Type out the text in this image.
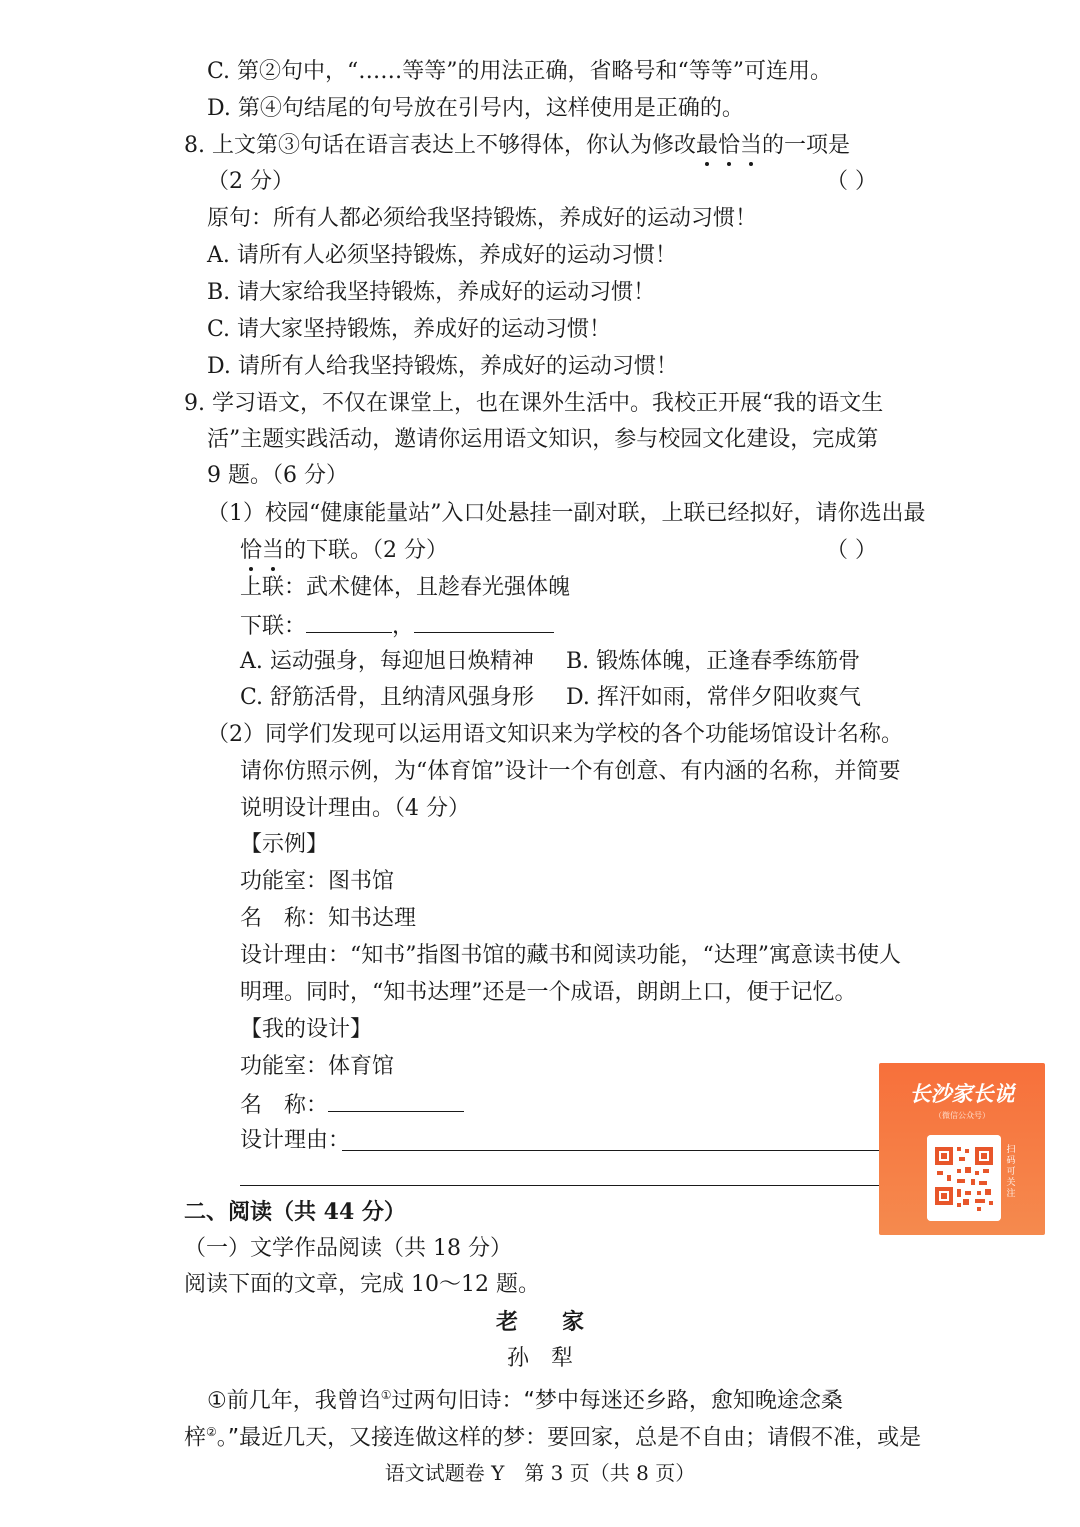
C. 第②句中，“……等等”的用法正确，省略号和“等等”可连用。
D. 第④句结尾的句号放在引号内，这样使用是正确的。
8. 上文第③句话在语言表达上不够得体，你认为修改最恰当的一项是
（2 分）	（ ）
原句：所有人都必须给我坚持锻炼，养成好的运动习惯！
A. 请所有人必须坚持锻炼，养成好的运动习惯！
B. 请大家给我坚持锻炼，养成好的运动习惯！
C. 请大家坚持锻炼，养成好的运动习惯！
D. 请所有人给我坚持锻炼，养成好的运动习惯！
9. 学习语文，不仅在课堂上，也在课外生活中。我校正开展“我的语文生
活”主题实践活动，邀请你运用语文知识，参与校园文化建设，完成第
9 题。（6 分）
（1）校园“健康能量站”入口处悬挂一副对联，上联已经拟好，请你选出最
恰当的下联。（2 分）	（ ）
上联：武术健体，且趁春光强体魄
下联：	，
A. 运动强身，每迎旭日焕精神 B. 锻炼体魄，正逢春季练筋骨
C. 舒筋活骨，且纳清风强身形 D. 挥汗如雨，常伴夕阳收爽气
（2）同学们发现可以运用语文知识来为学校的各个功能场馆设计名称。
请你仿照示例，为“体育馆”设计一个有创意、有内涵的名称，并简要
说明设计理由。（4 分）
【示例】
功能室：图书馆
名　称：知书达理
设计理由：“知书”指图书馆的藏书和阅读功能，“达理”寓意读书使人
明理。同时，“知书达理”还是一个成语，朗朗上口，便于记忆。
【我的设计】
功能室：体育馆
名　称：
设计理由：
二、阅读（共 44 分）
（一）文学作品阅读（共 18 分）
阅读下面的文章，完成 10～12 题。
老　　家
孙　犁
①前几年，我曾诌①过两句旧诗：“梦中每迷还乡路，愈知晚途念桑
梓②。”最近几天，又接连做这样的梦：要回家，总是不自由；请假不准，或是
长沙家长说
（微信公众号）
扫码可关注
语文试题卷 Y　第 3 页（共 8 页）
